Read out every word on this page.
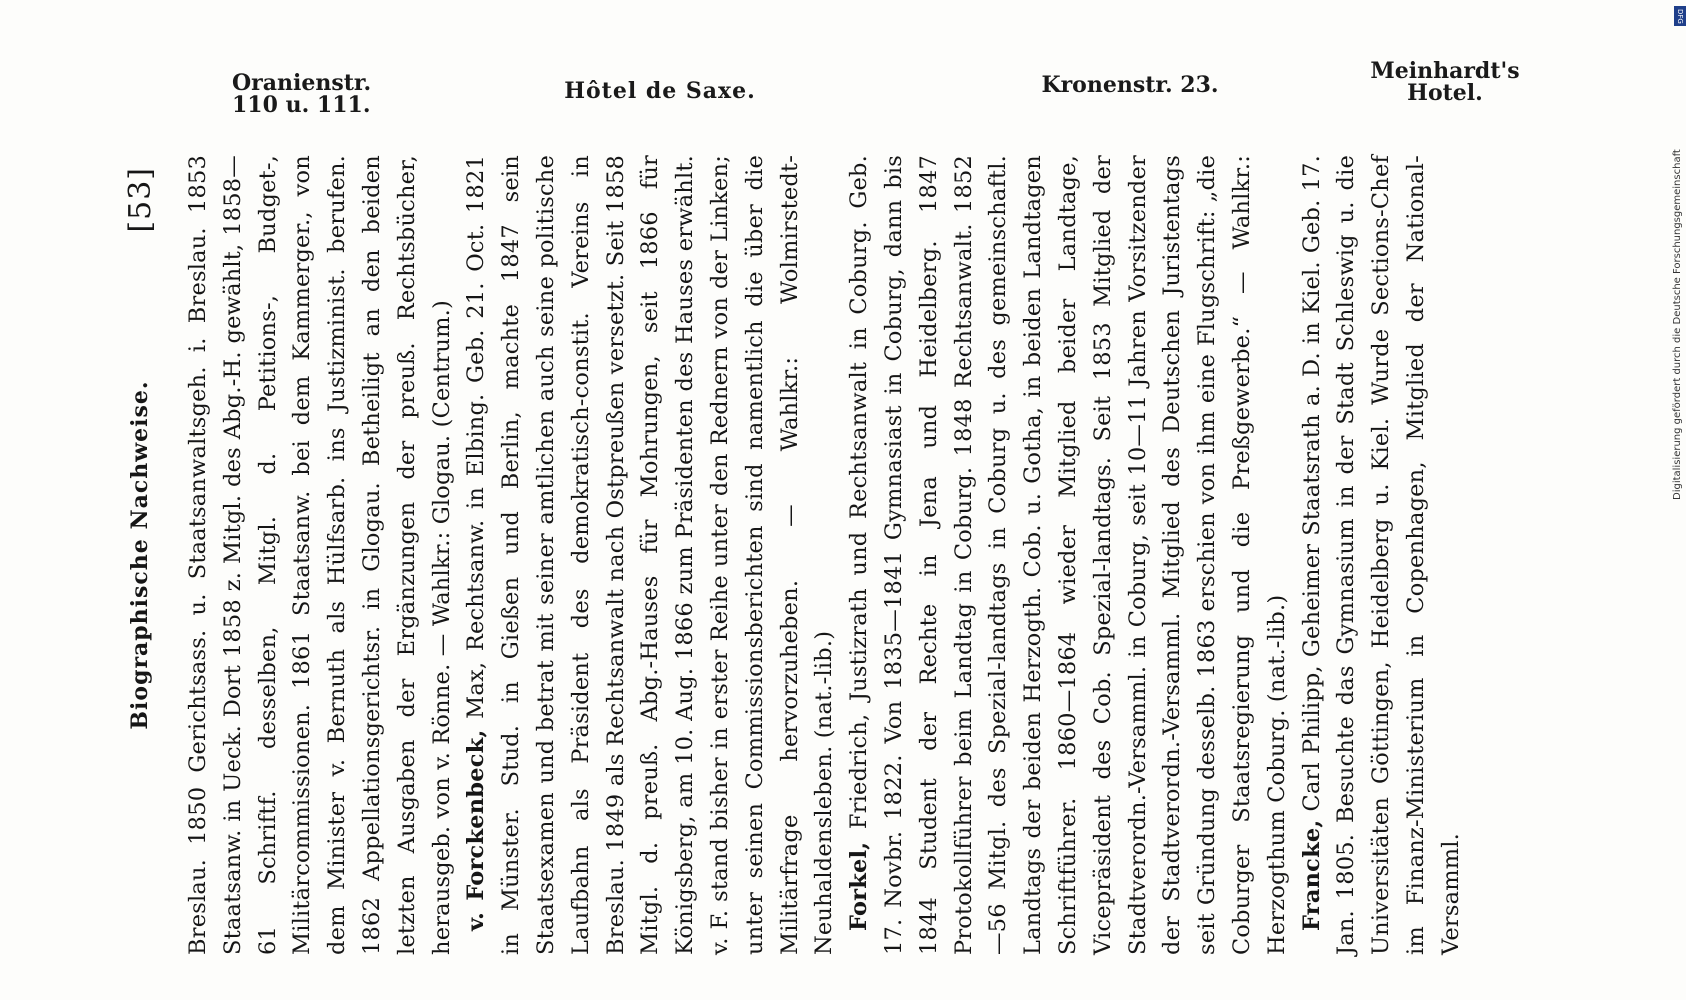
Oranienstr.
110 u. 111.
Hôtel de Saxe.	Kronenstr. 23.
Meinhardt's
Hotel.
Biographische Nachweise.
[53] Breslau. 1850 Gerichtsass. u. Staatsanwaltsgeh. i. Breslau. 1853 Staatsanw. in Ueck. Dort 1858 z. Mitgl. des Abg.-H. gewählt, 1858—61 Schriftf. desselben, Mitgl. d. Petitions-, Budget-, Militärcommissionen. 1861 Staatsanw. bei dem Kammerger., von dem Minister v. Bernuth als Hülfsarb. ins Justizminist. berufen. 1862 Appellationsgerichtsr. in Glogau. Betheiligt an den beiden letzten Ausgaben der Ergänzungen der preuß. Rechtsbücher, herausgeb. von v. Rönne. — Wahlkr.: Glogau. (Centrum.) v. Forckenbeck, Max, Rechtsanw. in Elbing. Geb. 21. Oct. 1821 in Münster. Stud. in Gießen und Berlin, machte 1847 sein Staatsexamen und betrat mit seiner amtlichen auch seine politische Laufbahn als Präsident des demokratisch-constit. Vereins in Breslau. 1849 als Rechtsanwalt nach Ostpreußen versetzt. Seit 1858 Mitgl. d. preuß. Abg.-Hauses für Mohrungen, seit 1866 für Königsberg, am 10. Aug. 1866 zum Präsidenten des Hauses erwählt. v. F. stand bisher in erster Reihe unter den Rednern von der Linken; unter seinen Commissionsberichten sind namentlich die über die Militärfrage hervorzuheben. — Wahlkr.: Wolmirstedt-Neuhaldensleben. (nat.-lib.) Forkel, Friedrich, Justizrath und Rechtsanwalt in Coburg. Geb. 17. Novbr. 1822. Von 1835—1841 Gymnasiast in Coburg, dann bis 1844 Student der Rechte in Jena und Heidelberg. 1847 Protokollführer beim Landtag in Coburg. 1848 Rechtsanwalt. 1852—56 Mitgl. des Spezial-landtags in Coburg u. des gemeinschaftl. Landtags der beiden Herzogth. Cob. u. Gotha, in beiden Landtagen Schriftführer. 1860—1864 wieder Mitglied beider Landtage, Vicepräsident des Cob. Spezial-landtags. Seit 1853 Mitglied der Stadtverordn.-Versamml. in Coburg, seit 10—11 Jahren Vorsitzender der Stadtverordn.-Versamml. Mitglied des Deutschen Juristentags seit Gründung desselb. 1863 erschien von ihm eine Flugschrift: „die Coburger Staatsregierung und die Preßgewerbe.“ — Wahlkr.: Herzogthum Coburg. (nat.-lib.) Francke, Carl Philipp, Geheimer Staatsrath a. D. in Kiel. Geb. 17. Jan. 1805. Besuchte das Gymnasium in der Stadt Schleswig u. die Universitäten Göttingen, Heidelberg u. Kiel. Wurde Sections-Chef im Finanz-Ministerium in Copenhagen, Mitglied der National-Versamml.

DFG
Digitalisierung gefördert durch die Deutsche Forschungsgemeinschaft
